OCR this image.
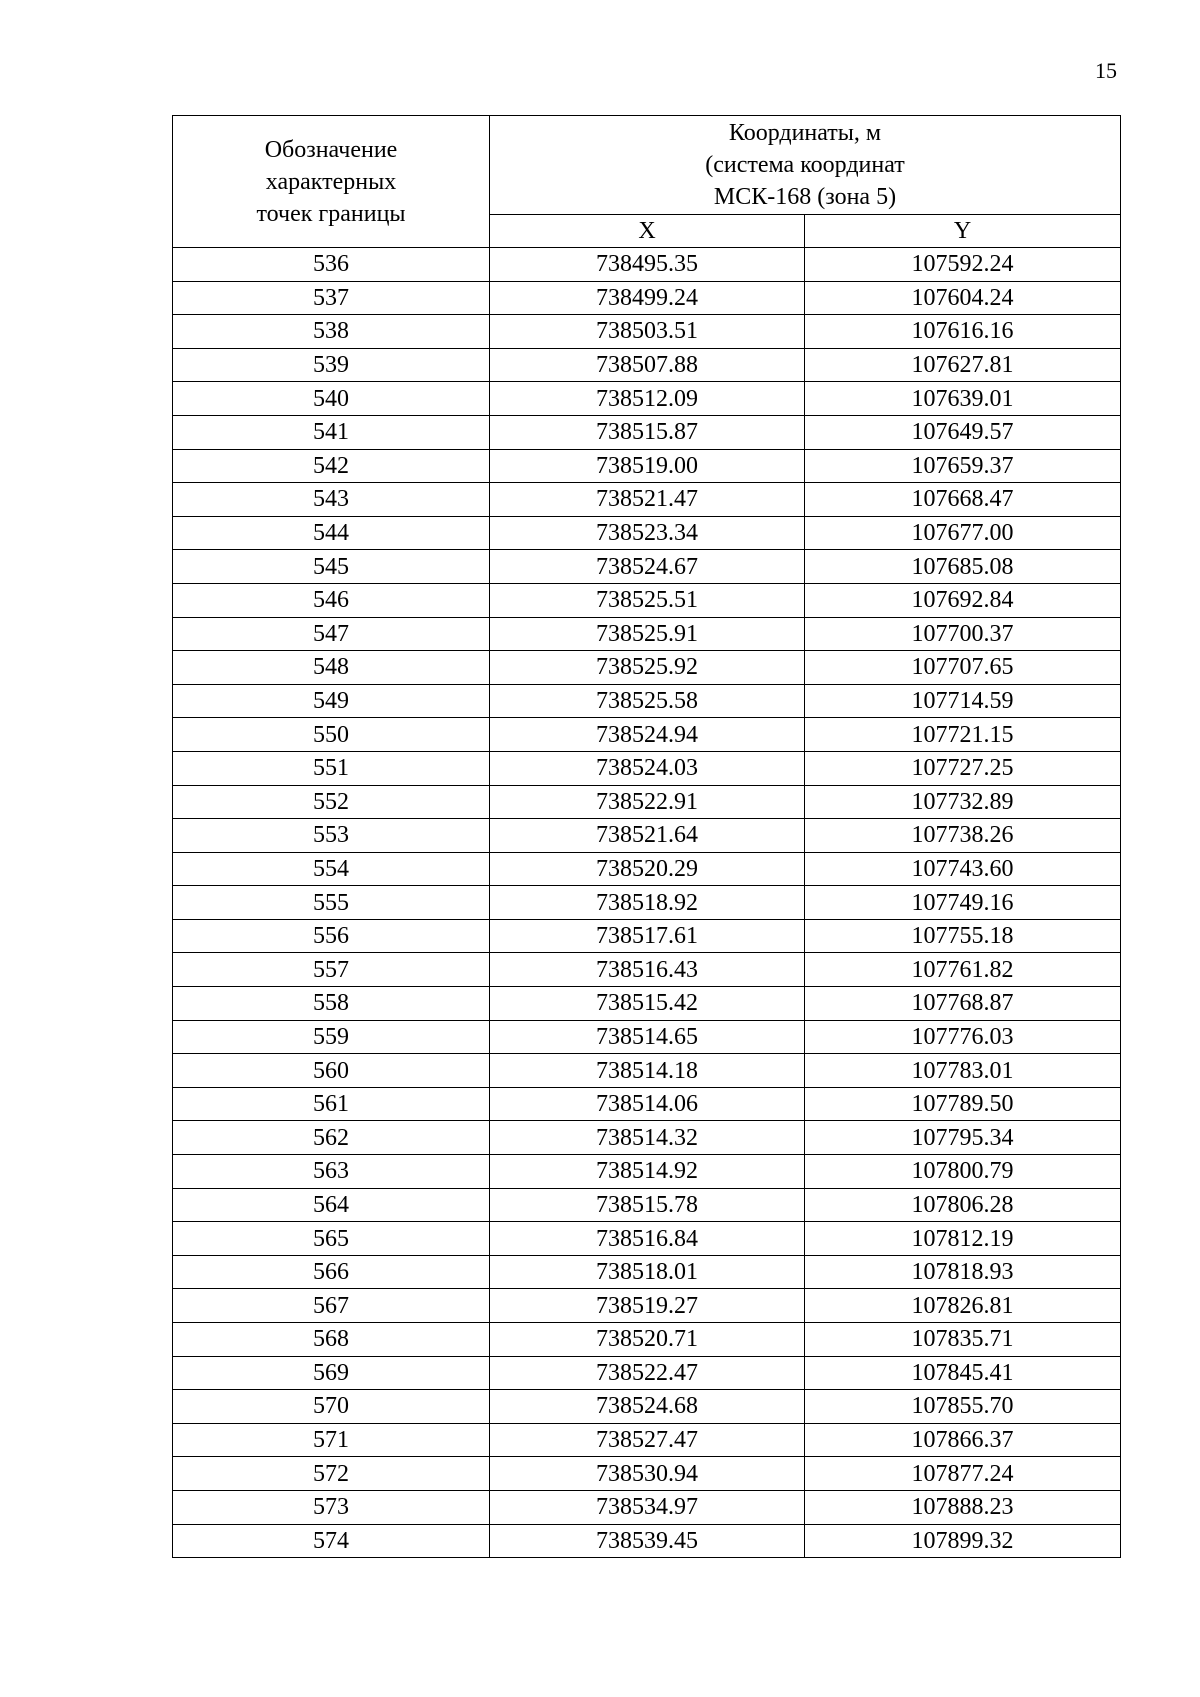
15
Обозначение
характерных
точек границы	Координаты, м
(система координат
МСК-168 (зона 5)	

	X	Y
536	738495.35	107592.24
537	738499.24	107604.24
538	738503.51	107616.16
539	738507.88	107627.81
540	738512.09	107639.01
541	738515.87	107649.57
542	738519.00	107659.37
543	738521.47	107668.47
544	738523.34	107677.00
545	738524.67	107685.08
546	738525.51	107692.84
547	738525.91	107700.37
548	738525.92	107707.65
549	738525.58	107714.59
550	738524.94	107721.15
551	738524.03	107727.25
552	738522.91	107732.89
553	738521.64	107738.26
554	738520.29	107743.60
555	738518.92	107749.16
556	738517.61	107755.18
557	738516.43	107761.82
558	738515.42	107768.87
559	738514.65	107776.03
560	738514.18	107783.01
561	738514.06	107789.50
562	738514.32	107795.34
563	738514.92	107800.79
564	738515.78	107806.28
565	738516.84	107812.19
566	738518.01	107818.93
567	738519.27	107826.81
568	738520.71	107835.71
569	738522.47	107845.41
570	738524.68	107855.70
571	738527.47	107866.37
572	738530.94	107877.24
573	738534.97	107888.23
574	738539.45	107899.32
